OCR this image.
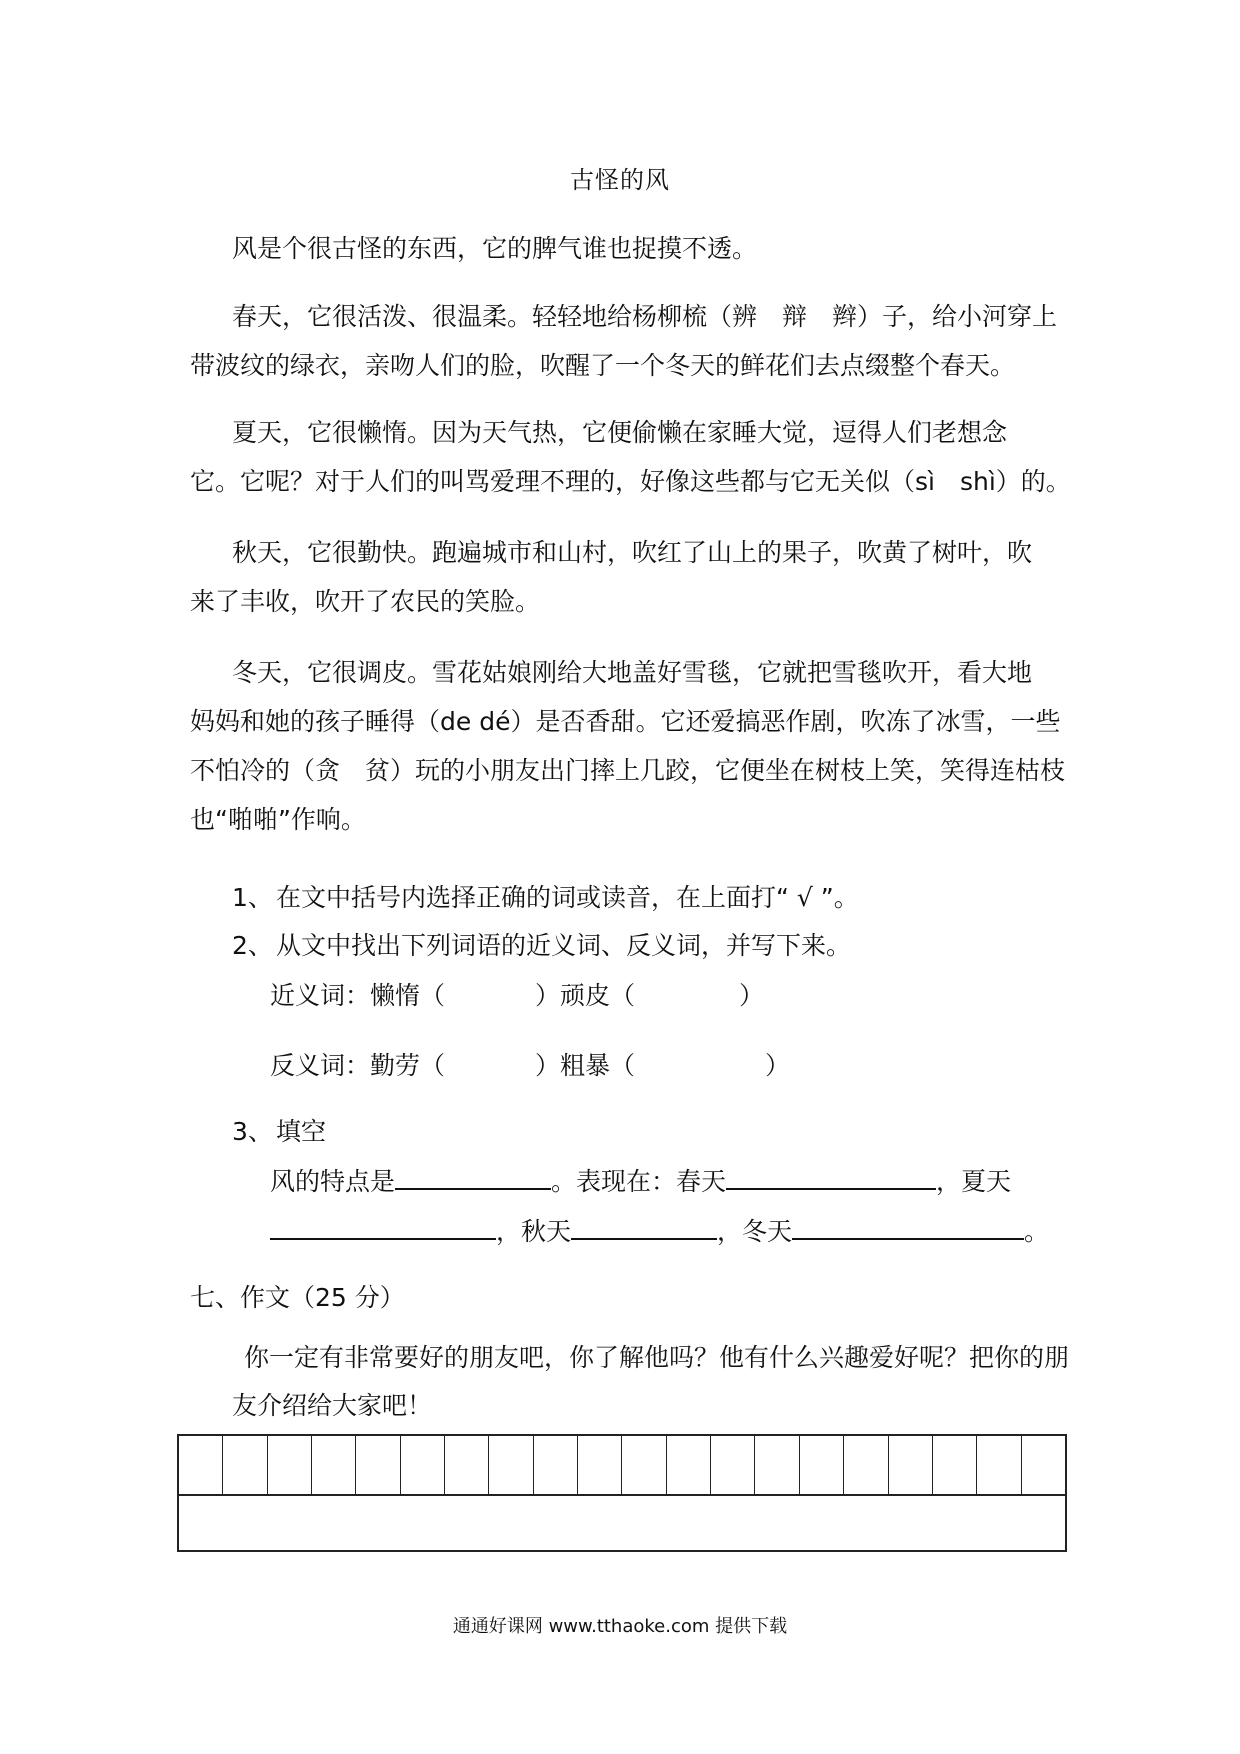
古怪的风
风是个很古怪的东西，它的脾气谁也捉摸不透。
春天，它很活泼、很温柔。轻轻地给杨柳梳（辨　辩　辫）子，给小河穿上
带波纹的绿衣，亲吻人们的脸，吹醒了一个冬天的鲜花们去点缀整个春天。
夏天，它很懒惰。因为天气热，它便偷懒在家睡大觉，逗得人们老想念
它。它呢？对于人们的叫骂爱理不理的，好像这些都与它无关似（sì　shì）的。
秋天，它很勤快。跑遍城市和山村，吹红了山上的果子，吹黄了树叶，吹
来了丰收，吹开了农民的笑脸。
冬天，它很调皮。雪花姑娘刚给大地盖好雪毯，它就把雪毯吹开，看大地
妈妈和她的孩子睡得（de dé）是否香甜。它还爱搞恶作剧，吹冻了冰雪，一些
不怕冷的（贪　贫）玩的小朋友出门摔上几跤，它便坐在树枝上笑，笑得连枯枝
也“啪啪”作响。
1、 在文中括号内选择正确的词或读音，在上面打“ √ ”。
2、 从文中找出下列词语的近义词、反义词，并写下来。
近义词：懒惰（	）顽皮（	）
反义词：勤劳（	）粗暴（	）
3、 填空
风的特点是	。表现在：春天	，夏天
，秋天	，冬天	。
七、作文（25 分）
你一定有非常要好的朋友吧，你了解他吗？他有什么兴趣爱好呢？把你的朋
友介绍给大家吧！
通通好课网 www.tthaoke.com 提供下载
